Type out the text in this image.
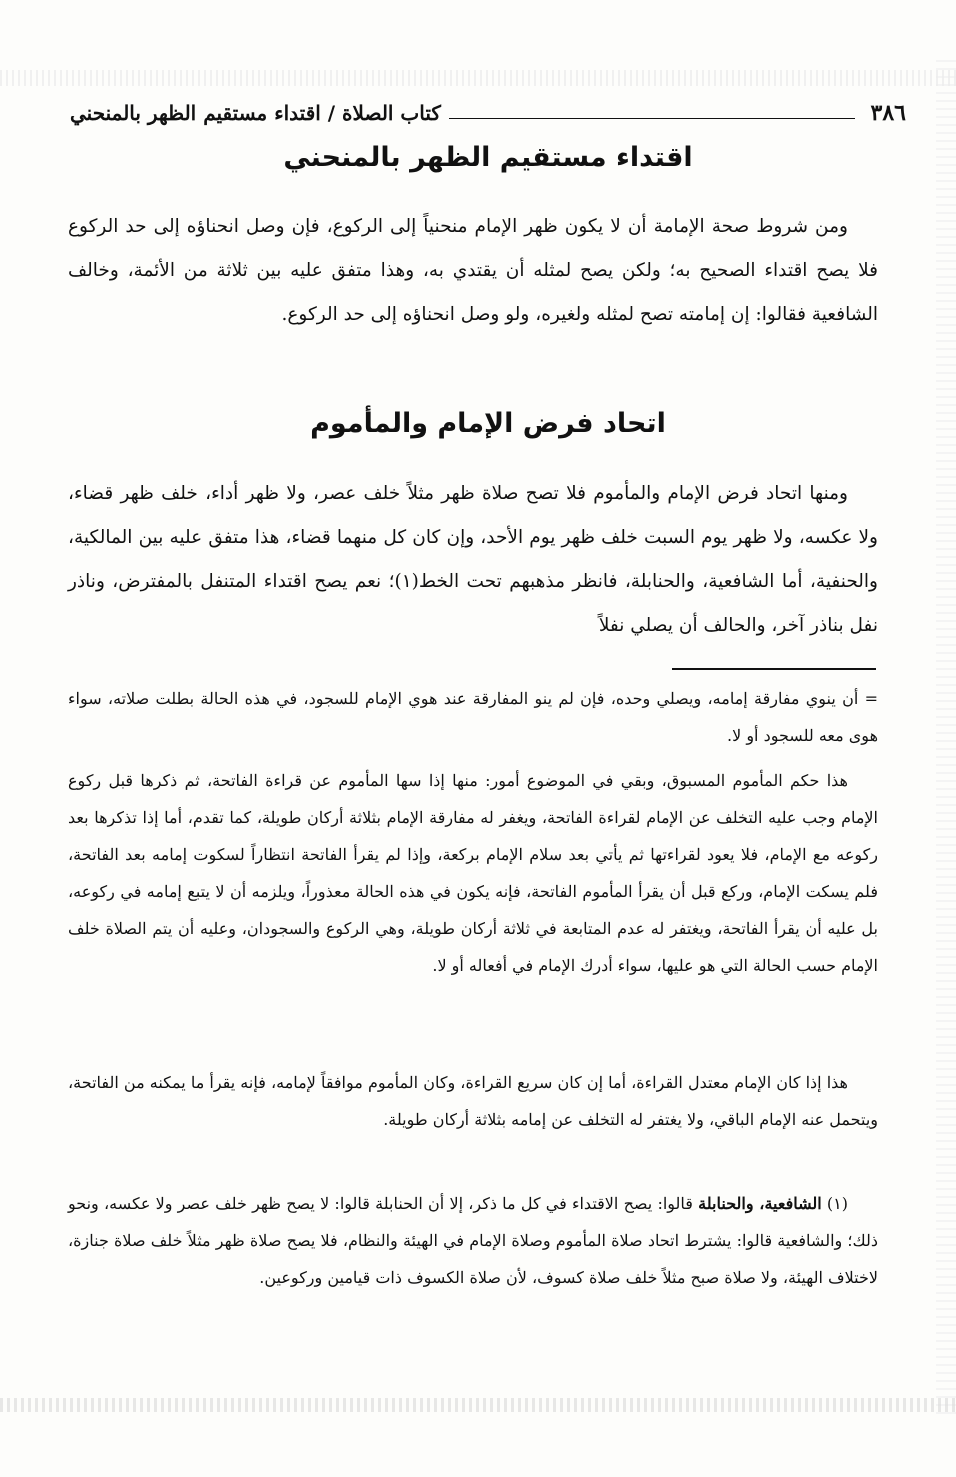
٣٨٦
كتاب الصلاة / اقتداء مستقيم الظهر بالمنحني
اقتداء مستقيم الظهر بالمنحني

ومن شروط صحة الإمامة أن لا يكون ظهر الإمام منحنياً إلى الركوع، فإن وصل انحناؤه إلى حد الركوع فلا يصح اقتداء الصحيح به؛ ولكن يصح لمثله أن يقتدي به، وهذا متفق عليه بين ثلاثة من الأئمة، وخالف الشافعية فقالوا: إن إمامته تصح لمثله ولغيره، ولو وصل انحناؤه إلى حد الركوع.

اتحاد فرض الإمام والمأموم

ومنها اتحاد فرض الإمام والمأموم فلا تصح صلاة ظهر مثلاً خلف عصر، ولا ظهر أداء، خلف ظهر قضاء، ولا عكسه، ولا ظهر يوم السبت خلف ظهر يوم الأحد، وإن كان كل منهما قضاء، هذا متفق عليه بين المالكية، والحنفية، أما الشافعية، والحنابلة، فانظر مذهبهم تحت الخط(١)؛ نعم يصح اقتداء المتنفل بالمفترض، وناذر نفل بناذر آخر، والحالف أن يصلي نفلاً

= أن ينوي مفارقة إمامه، ويصلي وحده، فإن لم ينو المفارقة عند هوي الإمام للسجود، في هذه الحالة بطلت صلاته، سواء هوى معه للسجود أو لا.

هذا حكم المأموم المسبوق، وبقي في الموضوع أمور: منها إذا سها المأموم عن قراءة الفاتحة، ثم ذكرها قبل ركوع الإمام وجب عليه التخلف عن الإمام لقراءة الفاتحة، ويغفر له مفارقة الإمام بثلاثة أركان طويلة، كما تقدم، أما إذا تذكرها بعد ركوعه مع الإمام، فلا يعود لقراءتها ثم يأتي بعد سلام الإمام بركعة، وإذا لم يقرأ الفاتحة انتظاراً لسكوت إمامه بعد الفاتحة، فلم يسكت الإمام، وركع قبل أن يقرأ المأموم الفاتحة، فإنه يكون في هذه الحالة معذوراً، ويلزمه أن لا يتبع إمامه في ركوعه، بل عليه أن يقرأ الفاتحة، ويغتفر له عدم المتابعة في ثلاثة أركان طويلة، وهي الركوع والسجودان، وعليه أن يتم الصلاة خلف الإمام حسب الحالة التي هو عليها، سواء أدرك الإمام في أفعاله أو لا.

هذا إذا كان الإمام معتدل القراءة، أما إن كان سريع القراءة، وكان المأموم موافقاً لإمامه، فإنه يقرأ ما يمكنه من الفاتحة، ويتحمل عنه الإمام الباقي، ولا يغتفر له التخلف عن إمامه بثلاثة أركان طويلة.

(١) الشافعية، والحنابلة قالوا: يصح الاقتداء في كل ما ذكر، إلا أن الحنابلة قالوا: لا يصح ظهر خلف عصر ولا عكسه، ونحو ذلك؛ والشافعية قالوا: يشترط اتحاد صلاة المأموم وصلاة الإمام في الهيئة والنظام، فلا يصح صلاة ظهر مثلاً خلف صلاة جنازة، لاختلاف الهيئة، ولا صلاة صبح مثلاً خلف صلاة كسوف، لأن صلاة الكسوف ذات قيامين وركوعين.
